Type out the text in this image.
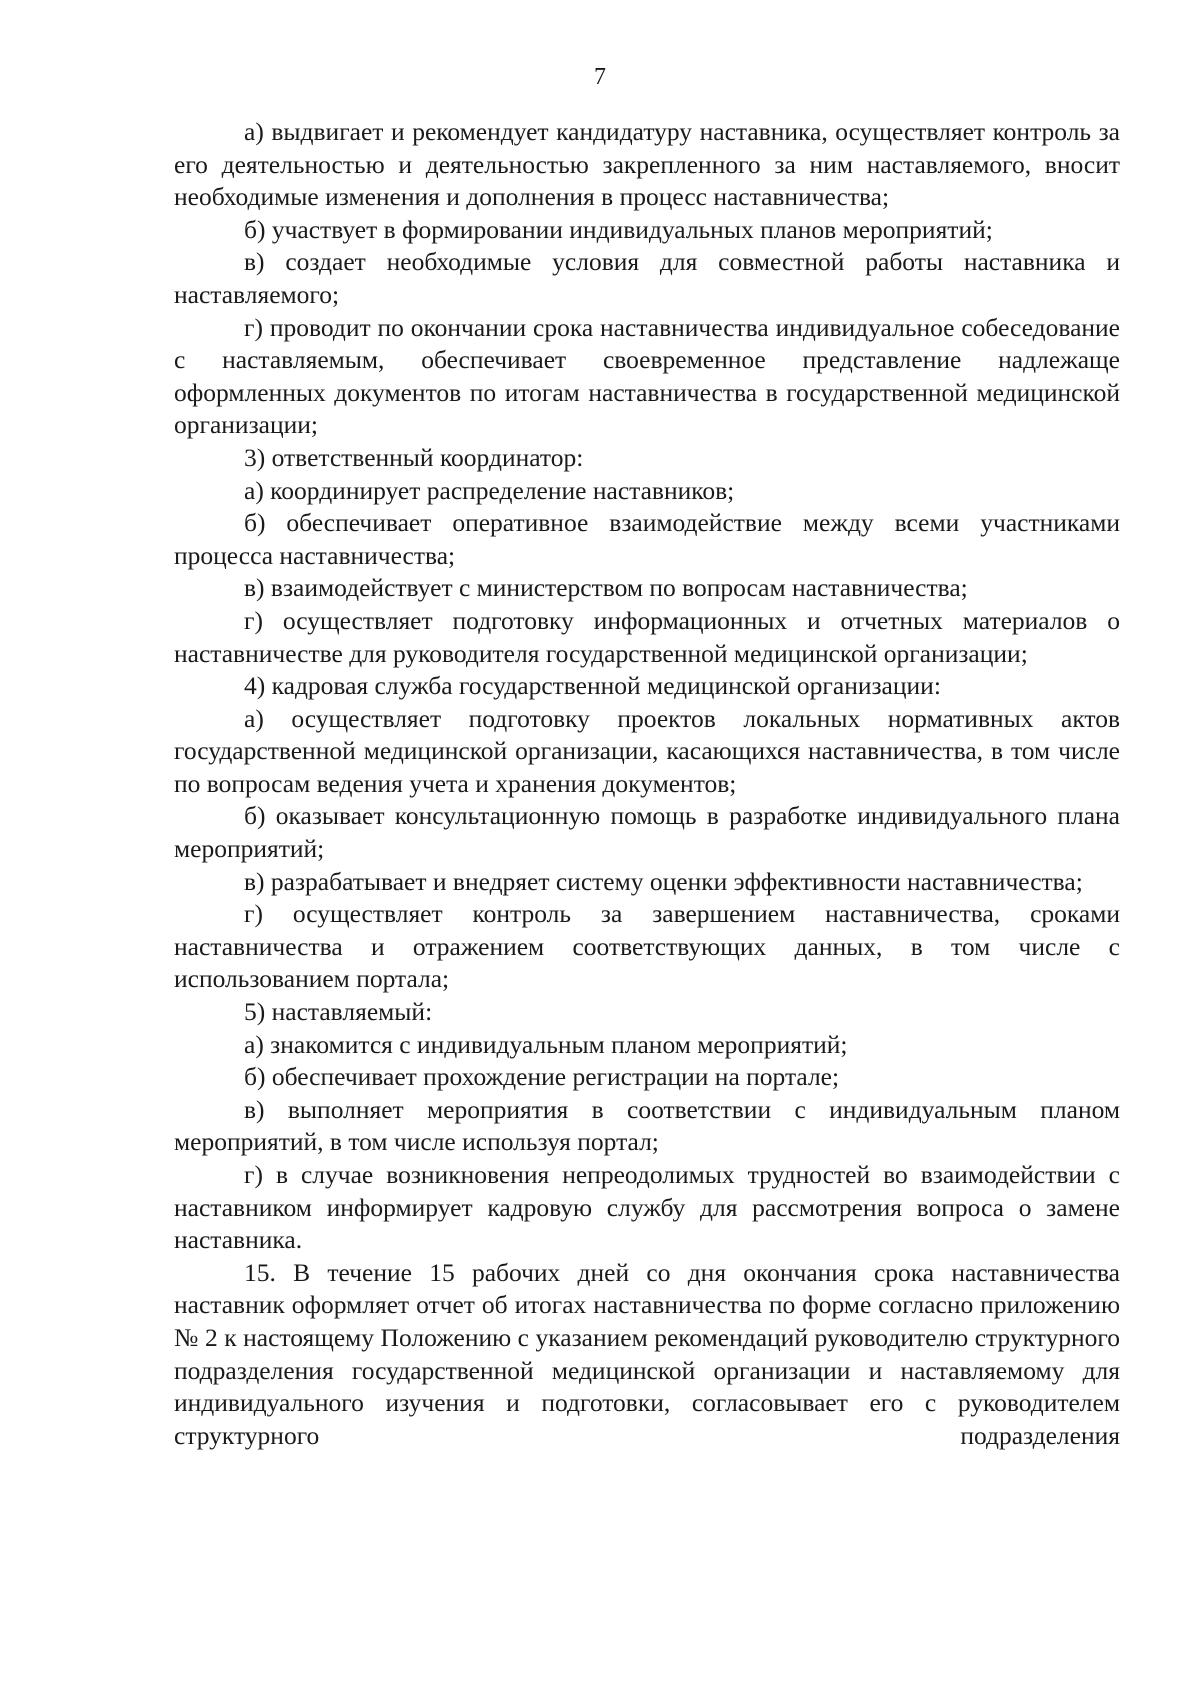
7

а) выдвигает и рекомендует кандидатуру наставника, осуществляет контроль за его деятельностью и деятельностью закрепленного за ним наставляемого, вносит необходимые изменения и дополнения в процесс наставничества;

б) участвует в формировании индивидуальных планов мероприятий;

в) создает необходимые условия для совместной работы наставника и наставляемого;

г) проводит по окончании срока наставничества индивидуальное собеседование с наставляемым, обеспечивает своевременное представление надлежаще оформленных документов по итогам наставничества в государственной медицинской организации;

3) ответственный координатор:

а) координирует распределение наставников;

б) обеспечивает оперативное взаимодействие между всеми участниками процесса наставничества;

в) взаимодействует с министерством по вопросам наставничества;

г) осуществляет подготовку информационных и отчетных материалов о наставничестве для руководителя государственной медицинской организации;

4) кадровая служба государственной медицинской организации:

а) осуществляет подготовку проектов локальных нормативных актов государственной медицинской организации, касающихся наставничества, в том числе по вопросам ведения учета и хранения документов;

б) оказывает консультационную помощь в разработке индивидуального плана мероприятий;

в) разрабатывает и внедряет систему оценки эффективности наставничества;

г) осуществляет контроль за завершением наставничества, сроками наставничества и отражением соответствующих данных, в том числе с использованием портала;

5) наставляемый:

а) знакомится с индивидуальным планом мероприятий;

б) обеспечивает прохождение регистрации на портале;

в) выполняет мероприятия в соответствии с индивидуальным планом мероприятий, в том числе используя портал;

г) в случае возникновения непреодолимых трудностей во взаимодействии с наставником информирует кадровую службу для рассмотрения вопроса о замене наставника.

15. В течение 15 рабочих дней со дня окончания срока наставничества наставник оформляет отчет об итогах наставничества по форме согласно приложению № 2 к настоящему Положению с указанием рекомендаций руководителю структурного подразделения государственной медицинской организации и наставляемому для индивидуального изучения и подготовки, согласовывает его с руководителем структурного подразделения
